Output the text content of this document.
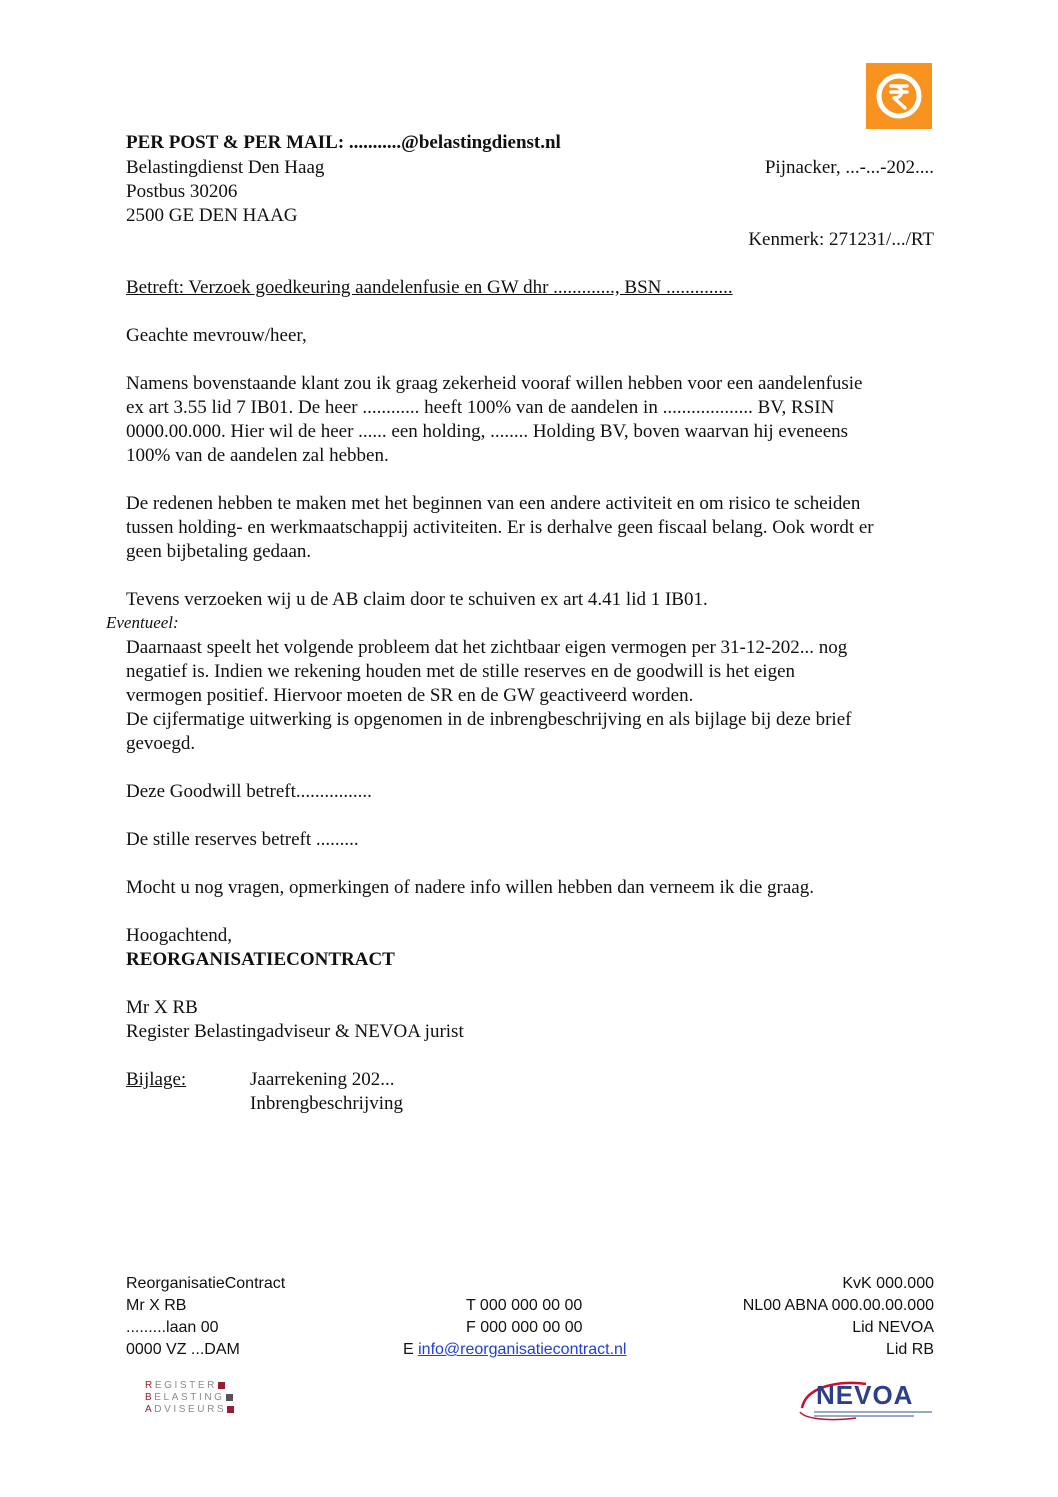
PER POST & PER MAIL: ...........@belastingdienst.nl
Belastingdienst Den Haag
Postbus 30206
2500 GE DEN HAAG
Pijnacker, ...-...-202....
Kenmerk: 271231/.../RT
Betreft: Verzoek goedkeuring aandelenfusie en GW dhr ............., BSN ..............
Geachte mevrouw/heer,
Namens bovenstaande klant zou ik graag zekerheid vooraf willen hebben voor een aandelenfusie
ex art 3.55 lid 7 IB01. De heer ............ heeft 100% van de aandelen in ................... BV, RSIN
0000.00.000. Hier wil de heer ...... een holding, ........ Holding BV, boven waarvan hij eveneens
100% van de aandelen zal hebben.
De redenen hebben te maken met het beginnen van een andere activiteit en om risico te scheiden
tussen holding- en werkmaatschappij activiteiten. Er is derhalve geen fiscaal belang. Ook wordt er
geen bijbetaling gedaan.
Tevens verzoeken wij u de AB claim door te schuiven ex art 4.41 lid 1 IB01.
Eventueel:
Daarnaast speelt het volgende probleem dat het zichtbaar eigen vermogen per 31-12-202... nog
negatief is. Indien we rekening houden met de stille reserves en de goodwill is het eigen
vermogen positief. Hiervoor moeten de SR en de GW geactiveerd worden.
De cijfermatige uitwerking is opgenomen in de inbrengbeschrijving en als bijlage bij deze brief
gevoegd.
Deze Goodwill betreft................
De stille reserves betreft .........
Mocht u nog vragen, opmerkingen of nadere info willen hebben dan verneem ik die graag.
Hoogachtend,
REORGANISATIECONTRACT
Mr X RB
Register Belastingadviseur & NEVOA jurist
Bijlage:	Jaarrekening 202...
Inbrengbeschrijving
ReorganisatieContract
Mr X RB
.........laan 00
0000 VZ ...DAM
T 000 000 00 00
F 000 000 00 00
E info@reorganisatiecontract.nl
KvK 000.000
NL00 ABNA 000.00.00.000
Lid NEVOA
Lid RB
REGISTER
BELASTING
ADVISEURS	NEVOA
